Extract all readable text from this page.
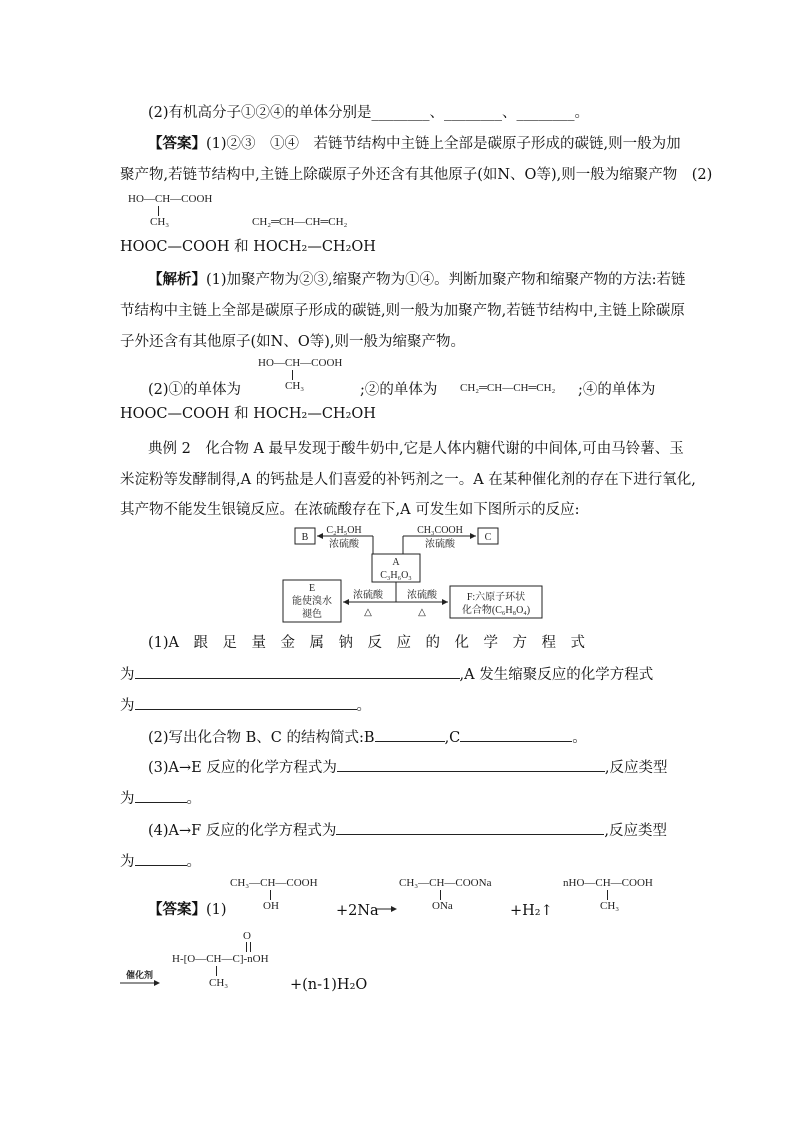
(2)有机高分子①②④的单体分别是________、________、________。
【答案】(1)②③　①④　若链节结构中主链上全部是碳原子形成的碳链,则一般为加
聚产物,若链节结构中,主链上除碳原子外还含有其他原子(如N、O等),则一般为缩聚产物　(2)
HO—CH—COOH
CH₃	CH₂═CH—CH═CH₂
HOOC—COOH 和 HOCH₂—CH₂OH
【解析】(1)加聚产物为②③,缩聚产物为①④。判断加聚产物和缩聚产物的方法:若链
节结构中主链上全部是碳原子形成的碳链,则一般为加聚产物,若链节结构中,主链上除碳原
子外还含有其他原子(如N、O等),则一般为缩聚产物。
HO—CH—COOH
CH₃
(2)①的单体为	;②的单体为 CH₂═CH—CH═CH₂ ;④的单体为
HOOC—COOH 和 HOCH₂—CH₂OH
典例 2　化合物 A 最早发现于酸牛奶中,它是人体内糖代谢的中间体,可由马铃薯、玉
米淀粉等发酵制得,A 的钙盐是人们喜爱的补钙剂之一。A 在某种催化剂的存在下进行氧化,
其产物不能发生银镜反应。在浓硫酸存在下,A 可发生如下图所示的反应:
B	C
C₂H₅OH
浓硫酸
CH₃COOH
浓硫酸
A
C₃H₆O₃
E
能使溴水
褪色
F:六原子环状
化合物(C₆H₈O₄)
浓硫酸
△
浓硫酸
△
(1)A　跟　足　量　金　属　钠　反　应　的　化　学　方　程　式
为	,A 发生缩聚反应的化学方程式
为	。
(2)写出化合物 B、C 的结构简式:B	,C	。
(3)A→E 反应的化学方程式为	,反应类型
为	。
(4)A→F 反应的化学方程式为	,反应类型
为	。
CH₃—CH—COOH
OH
【答案】(1)	+2Na
CH₃—CH—COONa
ONa	+H₂↑
nHO—CH—COOH
CH₃
催化剂
O
H-[O—CH—C]-nOH
CH₃	+(n-1)H₂O
